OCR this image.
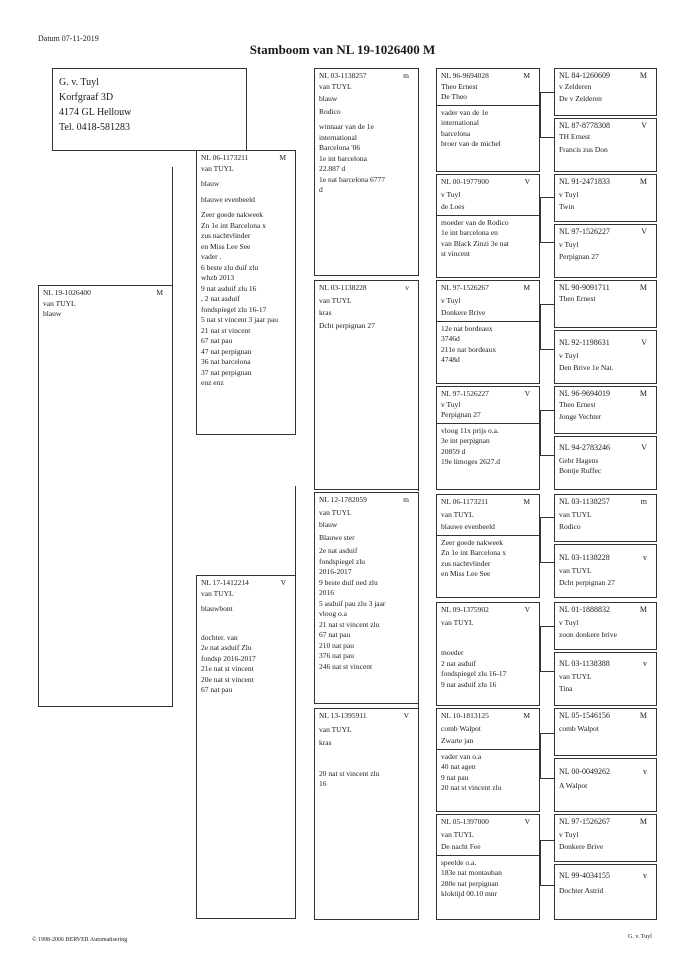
Datum 07-11-2019
Stamboom van NL 19-1026400 M
G. v. Tuyl
Korfgraaf 3D
4174 GL Hellouw
Tel. 0418-581283
NL 19-1026400	M
van TUYL
blauw
NL 06-1173211	M
van TUYL
blauw
blauwe evenbeeld
Zeer goede nakweek
Zn 1e int Barcelona x
zus nachtvlinder
en Miss Lee See
vader .
6 beste zlu duif zlu
whzb 2013
9 nat asduif zlu 16
, 2 nat asduif
fondspiegel zlu 16-17
5 nat st vincent 3 jaar pau
21 nat st vincent
67 nat pau
47 nat perpignan
36 nat barcelona
37 nat perpignan
enz enz
NL 17-1412214	V
van TUYL
blauwbont
dochter. van
2e nat asduif Zlu
fondsp 2016-2017
21e nat st vincent
20e nat st vincent
67 nat pau
NL 03-1138257	m
van TUYL
blauw
Rodico
winnaar van de 1e
international
Barcelona '06
1e int barcelona
22.887 d
1e nat barcelona 6777
d
NL 03-1138228	v
van TUYL
kras
Dcht perpignan 27
NL 12-1782059	m
van TUYL
blauw
Blauwe ster
2e nat asduif
fondspiegel zlu
2016-2017
9 beste duif ned zlu
2016
5 asduif pau zlu 3 jaar
vloog o.a
21 nat st vincent zlu
67 nat pau
210 nat pau
376 nat pau
246 nat st vincent
NL 13-1395911	V
van TUYL
kras
20 nat st vincent zlu
16
NL 96-9694028	M
Theo Ernest
De Theo
vader van de 1e
international
barcelona
broer van de michel
NL 00-1977900	V
v Tuyl
de Loes
moeder van de Rodico
1e int barcelona en
van Black Zinzi 3e nat
st vincent
NL 97-1526267	M
v Tuyl
Donkere Brive
12e nat bordeaux
3746d
211e nat bordeaux
4748d
NL 97-1526227	V
v Tuyl
Perpignan 27
vloog 11x prijs o.a.
3e int perpignan
20859 d
19e limoges 2627.d
NL 06-1173211	M
van TUYL
blauwe evenbeeld
Zeer goede nakweek
Zn 1e int Barcelona x
zus nachtvlinder
en Miss Lee See
NL 09-1375902	V
van TUYL
moeder
2 nat asduif
fondspiegel zlu 16-17
9 nat asduif zlu 16
NL 10-1813125	M
comb Walpot
Zwarte jan
vader van o.a
40 nat agen
9 nat pau
20 nat st vincent zlu
NL 05-1397000	V
van TUYL
De nacht Fee
speelde o.a.
183e nat montauban
280e nat perpignan
kloktijd 00.10 mnr
NL 84-1260609	M
v Zelderen
De v Zelderen
NL 87-8778308	V
TH Ernest
Francis zus Don
NL 91-2471833	M
v Tuyl
Twin
NL 97-1526227	V
v Tuyl
Perpignan 27
NL 90-9091711	M
Theo Ernest
NL 92-1198631	V
v Tuyl
Den Brive 1e Nat.
NL 96-9694019	M
Theo Ernest
Jonge Vechter
NL 94-2783246	V
Gebr Hagens
Bontje Ruffec
NL 03-1138257	m
van TUYL
Rodico
NL 03-1138228	v
van TUYL
Dcht perpignan 27
NL 01-1888832	M
v Tuyl
zoon donkere brive
NL 03-1138388	v
van TUYL
Tina
NL 05-1546156	M
comb Walpot
NL 00-0049262	v
A Walpot
NL 97-1526267	M
v Tuyl
Donkere Brive
NL 99-4034155	v
Dochter Astrid
© 1998-2006 BERVER Automatisering	G. v. Tuyl
